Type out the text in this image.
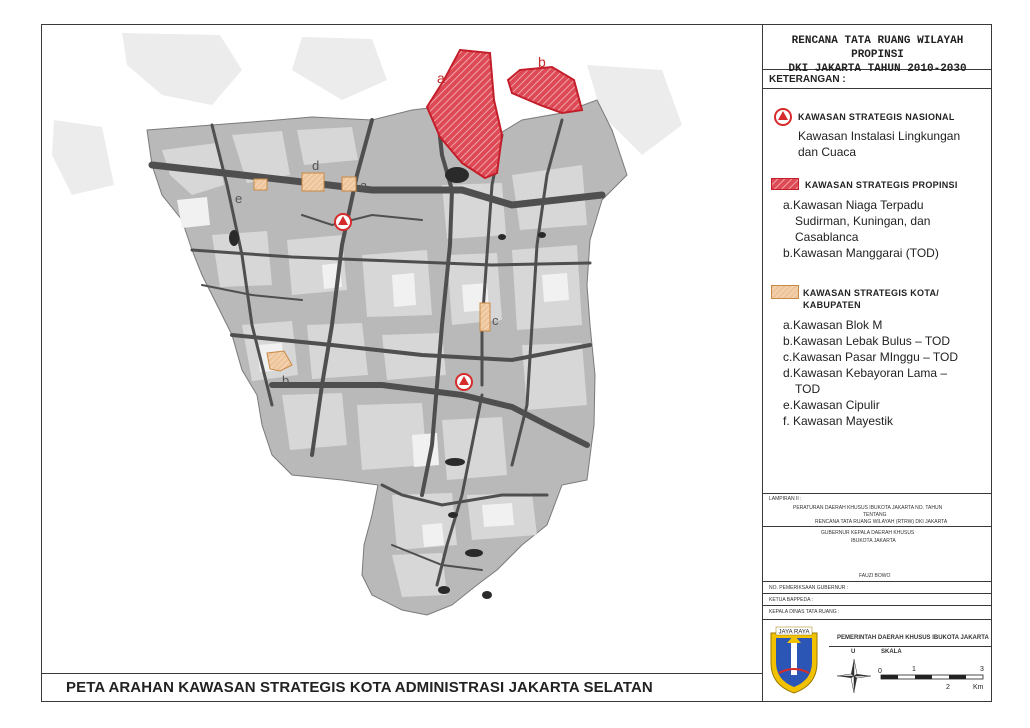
a
b
a
b
c
d
e
PETA ARAHAN KAWASAN STRATEGIS KOTA ADMINISTRASI JAKARTA SELATAN
RENCANA TATA RUANG WILAYAH PROPINSI
DKI JAKARTA TAHUN 2010-2030
KETERANGAN :
KAWASAN STRATEGIS NASIONAL
Kawasan Instalasi Lingkungan
dan Cuaca
KAWASAN STRATEGIS PROPINSI
a.Kawasan Niaga Terpadu
Sudirman, Kuningan, dan
Casablanca
b.Kawasan Manggarai (TOD)
KAWASAN STRATEGIS KOTA/
KABUPATEN
a.Kawasan Blok M
b.Kawasan Lebak Bulus – TOD
c.Kawasan Pasar MInggu – TOD
d.Kawasan Kebayoran Lama –
TOD
e.Kawasan Cipulir
f. Kawasan Mayestik
LAMPIRAN II :
PERATURAN DAERAH KHUSUS IBUKOTA JAKARTA NO. TAHUN
TENTANG
RENCANA TATA RUANG WILAYAH (RTRW) DKI JAKARTA
GUBERNUR KEPALA DAERAH KHUSUS
IBUKOTA JAKARTA
FAUZI BOWO
NO. PEMERIKSAAN GUBERNUR :
KETUA BAPPEDA :
KEPALA DINAS TATA RUANG :
JAYA RAYA
PEMERINTAH DAERAH KHUSUS IBUKOTA JAKARTA
U	SKALA
0	1
2
3
Km
